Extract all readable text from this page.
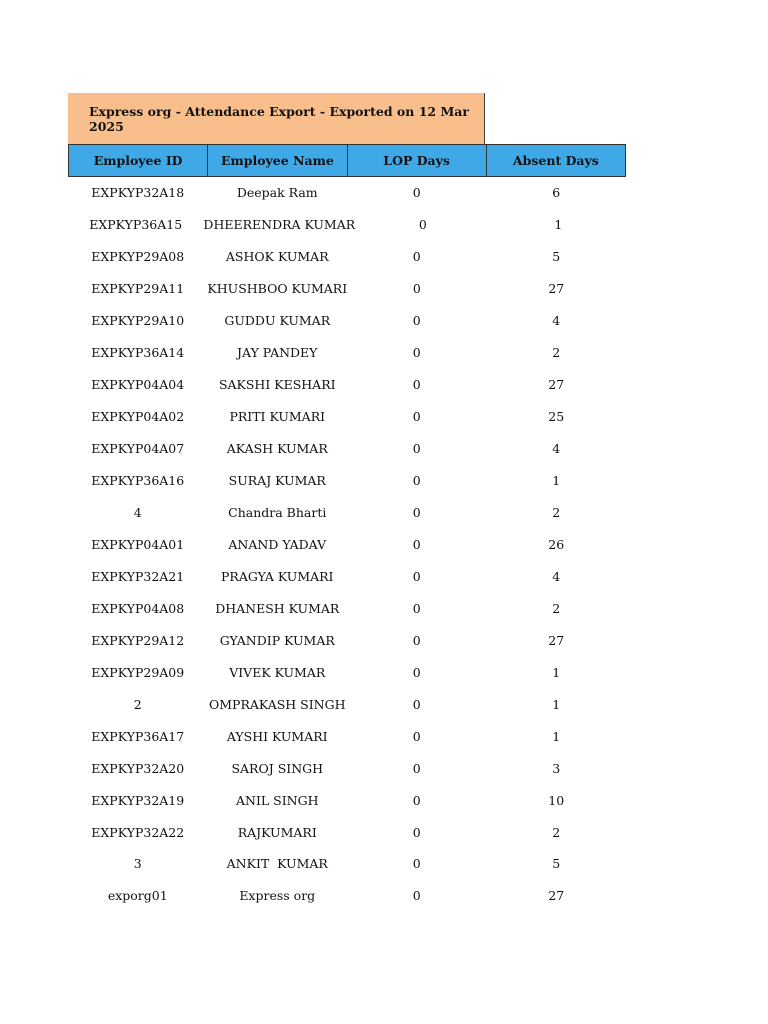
Express org - Attendance Export - Exported on 12 Mar 2025
Employee ID	Employee Name	LOP Days	Absent Days
EXPKYP32A18	Deepak Ram	0	6
EXPKYP36A15	DHEERENDRA KUMAR	0	1
EXPKYP29A08	ASHOK KUMAR	0	5
EXPKYP29A11	KHUSHBOO KUMARI	0	27
EXPKYP29A10	GUDDU KUMAR	0	4
EXPKYP36A14	JAY PANDEY	0	2
EXPKYP04A04	SAKSHI KESHARI	0	27
EXPKYP04A02	PRITI KUMARI	0	25
EXPKYP04A07	AKASH KUMAR	0	4
EXPKYP36A16	SURAJ KUMAR	0	1
4	Chandra Bharti	0	2
EXPKYP04A01	ANAND YADAV	0	26
EXPKYP32A21	PRAGYA KUMARI	0	4
EXPKYP04A08	DHANESH KUMAR	0	2
EXPKYP29A12	GYANDIP KUMAR	0	27
EXPKYP29A09	VIVEK KUMAR	0	1
2	OMPRAKASH SINGH	0	1
EXPKYP36A17	AYSHI KUMARI	0	1
EXPKYP32A20	SAROJ SINGH	0	3
EXPKYP32A19	ANIL SINGH	0	10
EXPKYP32A22	RAJKUMARI	0	2
3	ANKIT  KUMAR	0	5
exporg01	Express org	0	27
